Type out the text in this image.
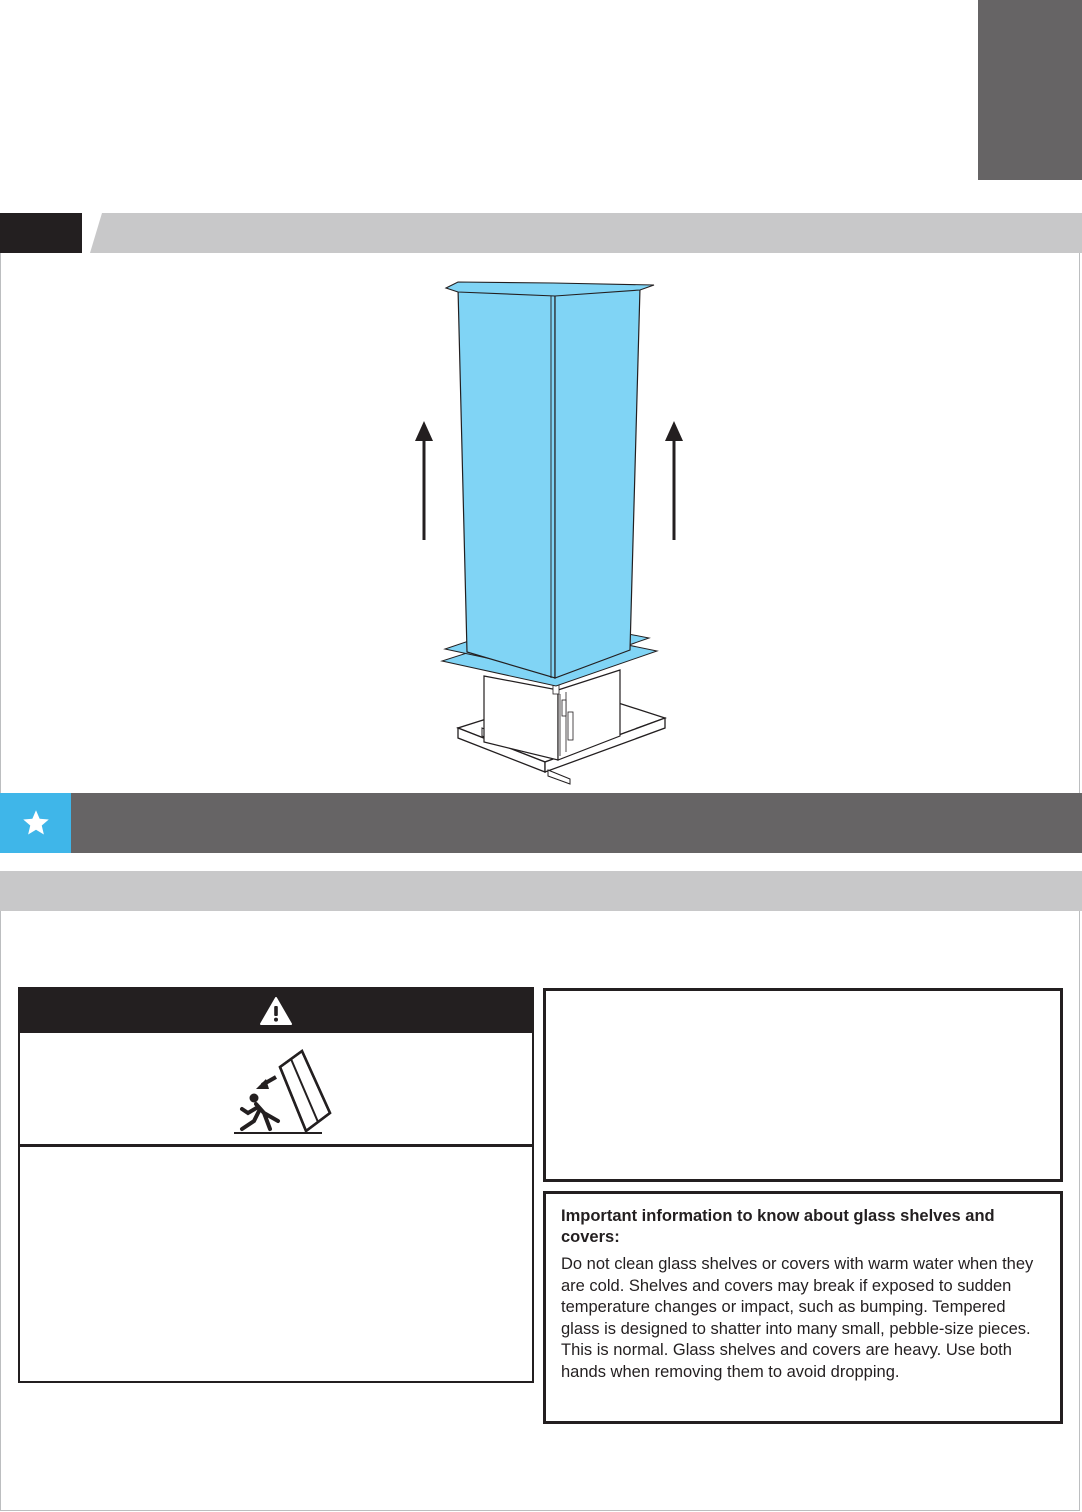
Important information to know about glass shelves and covers:

Do not clean glass shelves or covers with warm water when they are cold. Shelves and covers may break if exposed to sudden temperature changes or impact, such as bumping. Tempered glass is designed to shatter into many small, pebble-size pieces. This is normal. Glass shelves and covers are heavy. Use both hands when removing them to avoid dropping.
